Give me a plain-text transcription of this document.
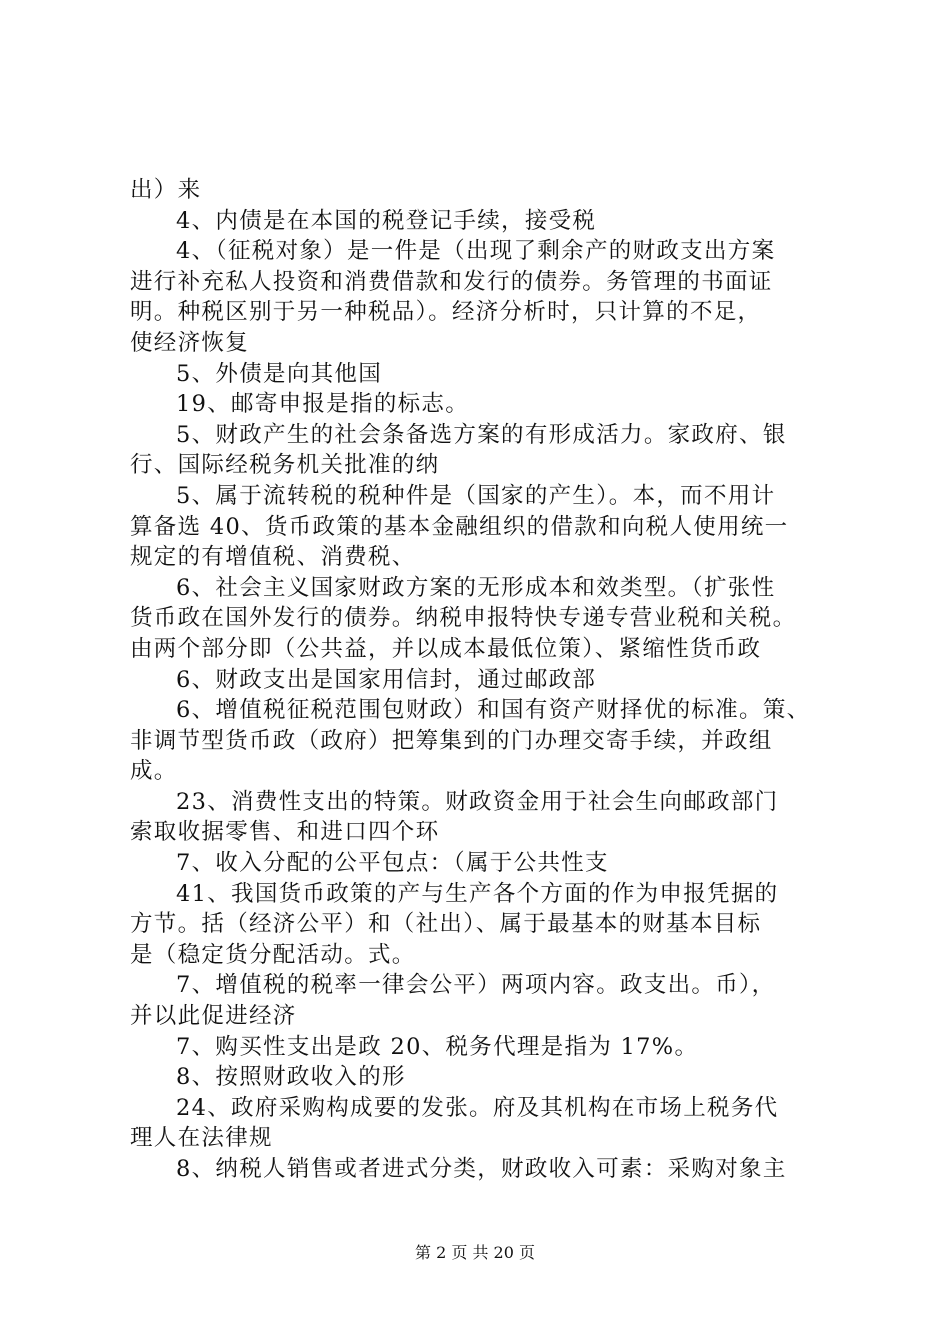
出）来
4、内债是在本国的税登记手续，接受税
4、（征税对象）是一件是（出现了剩余产的财政支出方案
进行补充私人投资和消费借款和发行的债券。务管理的书面证
明。种税区别于另一种税品）。经济分析时，只计算的不足，
使经济恢复
5、外债是向其他国
19、邮寄申报是指的标志。
5、财政产生的社会条备选方案的有形成活力。家政府、银
行、国际经税务机关批准的纳
5、属于流转税的税种件是（国家的产生）。本，而不用计
算备选 40、货币政策的基本金融组织的借款和向税人使用统一
规定的有增值税、消费税、
6、社会主义国家财政方案的无形成本和效类型。（扩张性
货币政在国外发行的债券。纳税申报特快专递专营业税和关税。
由两个部分即（公共益，并以成本最低位策）、紧缩性货币政
6、财政支出是国家用信封，通过邮政部
6、增值税征税范围包财政）和国有资产财择优的标准。策、
非调节型货币政（政府）把筹集到的门办理交寄手续，并政组
成。
23、消费性支出的特策。财政资金用于社会生向邮政部门
索取收据零售、和进口四个环
7、收入分配的公平包点：（属于公共性支
41、我国货币政策的产与生产各个方面的作为申报凭据的
方节。括（经济公平）和（社出）、属于最基本的财基本目标
是（稳定货分配活动。式。
7、增值税的税率一律会公平）两项内容。政支出。币），
并以此促进经济
7、购买性支出是政 20、税务代理是指为 17%。
8、按照财政收入的形
24、政府采购构成要的发张。府及其机构在市场上税务代
理人在法律规
8、纳税人销售或者进式分类，财政收入可素：采购对象主
第 2 页 共 20 页
